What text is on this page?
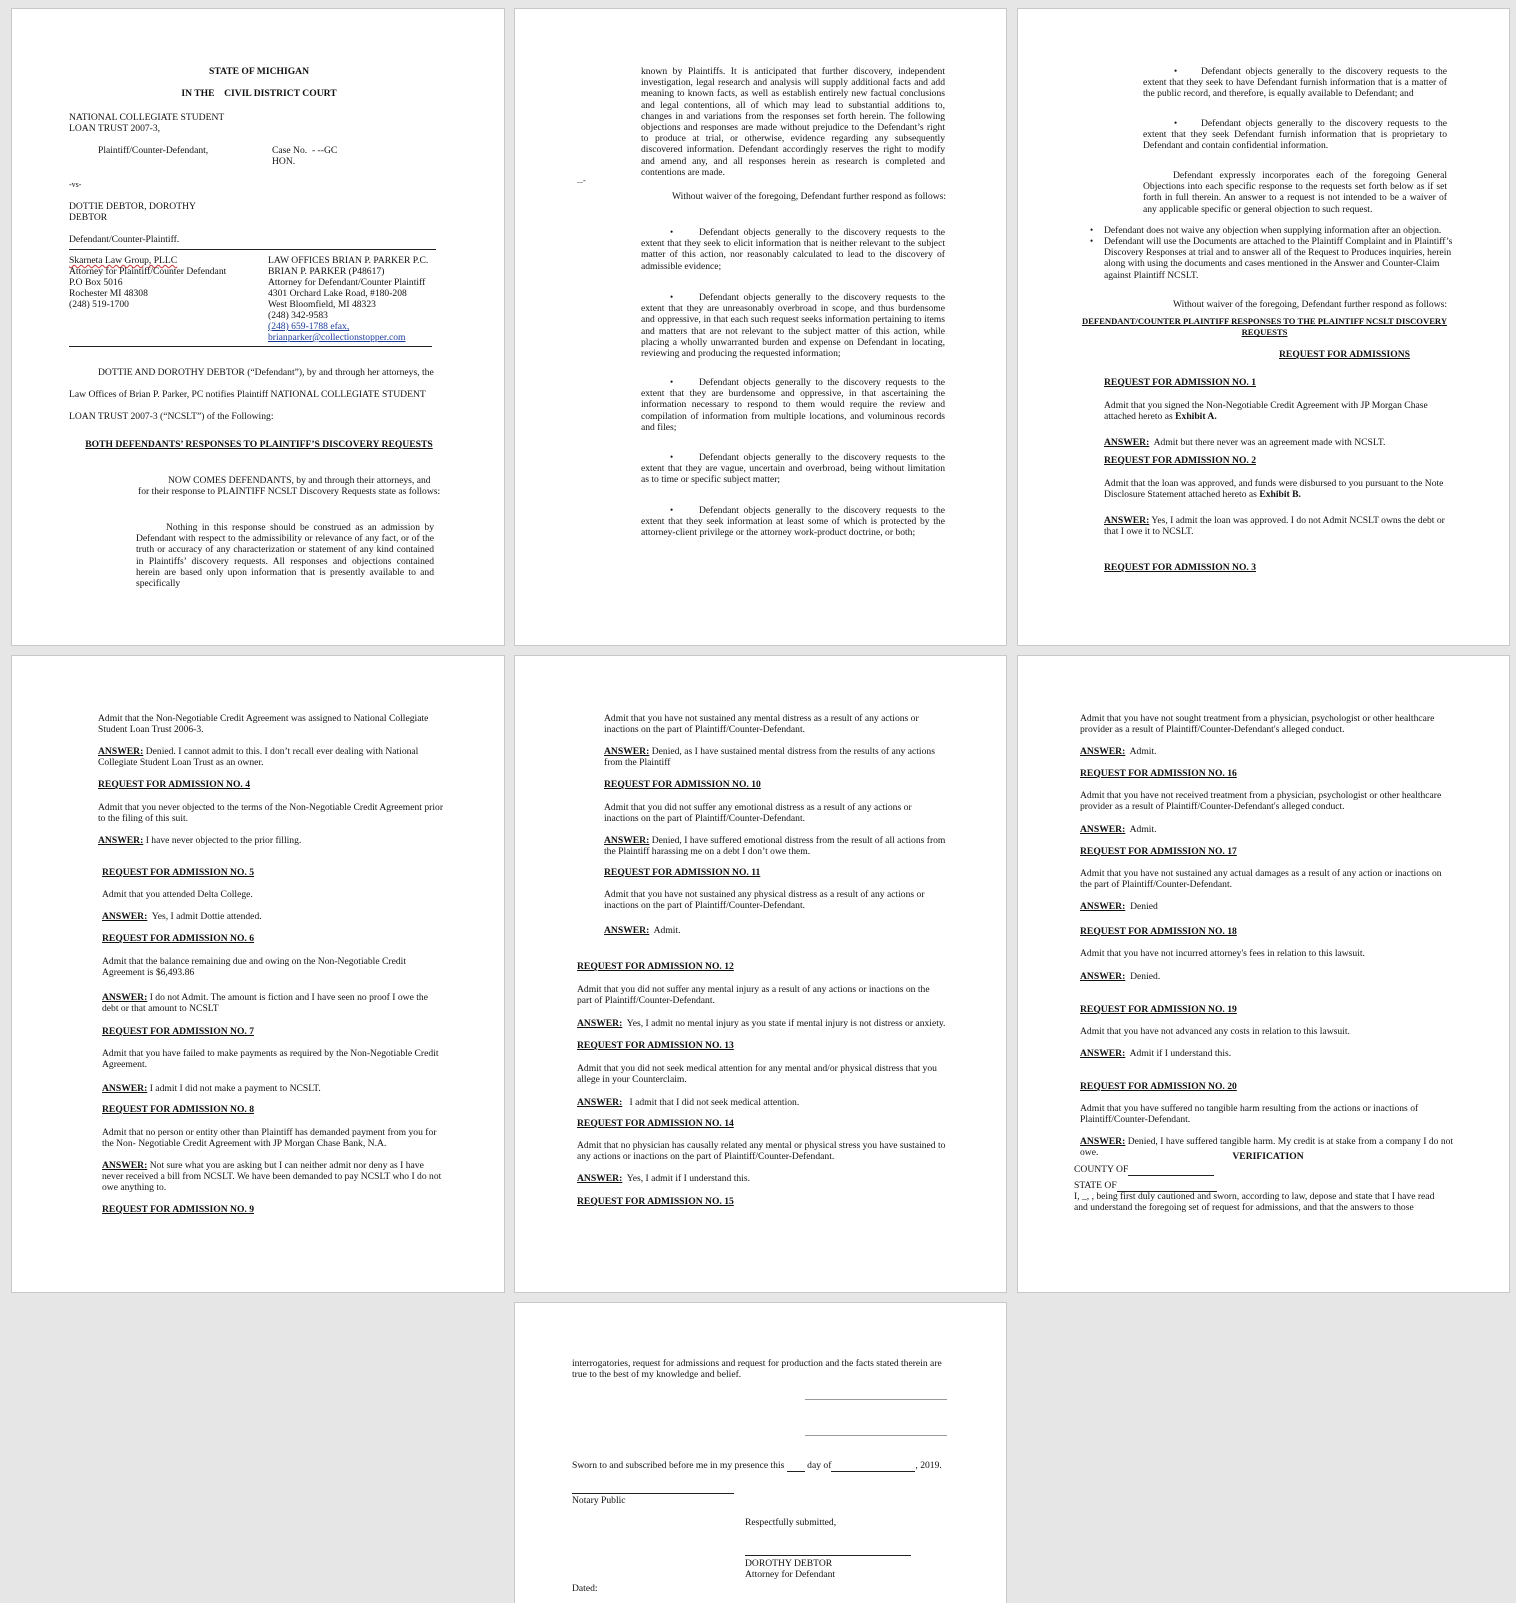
STATE OF MICHIGAN
IN THE    CIVIL DISTRICT COURT
NATIONAL COLLEGIATE STUDENT
LOAN TRUST 2007-3,
Plaintiff/Counter-Defendant,	Case No.  - --GC
HON.
-vs-
DOTTIE DEBTOR, DOROTHY
DEBTOR
Defendant/Counter-Plaintiff.
Skarneta Law Group, PLLC
Attorney for Plaintiff/Counter Defendant
P.O Box 5016
Rochester MI 48308
(248) 519-1700
LAW OFFICES BRIAN P. PARKER P.C.
BRIAN P. PARKER (P48617)
Attorney for Defendant/Counter Plaintiff
4301 Orchard Lake Road, #180-208
West Bloomfield, MI 48323
(248) 342-9583
(248) 659-1788 efax,
brianparker@collectionstopper.com
DOTTIE AND DOROTHY DEBTOR (“Defendant”), by and through her attorneys, the
Law Offices of Brian P. Parker, PC notifies Plaintiff NATIONAL COLLEGIATE STUDENT
LOAN TRUST 2007-3 (“NCSLT”) of the Following:
BOTH DEFENDANTS’ RESPONSES TO PLAINTIFF’S DISCOVERY REQUESTS
NOW COMES DEFENDANTS, by and through their attorneys, and
for their response to PLAINTIFF NCSLT Discovery Requests state as follows:
Nothing in this response should be construed as an admission by Defendant with respect to the admissibility or relevance of any fact, or of the truth or accuracy of any characterization or statement of any kind contained in Plaintiffs’ discovery requests. All responses and objections contained herein are based only upon information that is presently available to and specifically
known by Plaintiffs. It is anticipated that further discovery, independent investigation, legal research and analysis will supply additional facts and add meaning to known facts, as well as establish entirely new factual conclusions and legal contentions, all of which may lead to substantial additions to, changes in and variations from the responses set forth herein. The following objections and responses are made without prejudice to the Defendant’s right to produce at trial, or otherwise, evidence regarding any subsequently discovered information. Defendant accordingly reserves the right to modify and amend any, and all responses herein as research is completed and contentions are made.
...-
Without waiver of the foregoing, Defendant further respond as follows:
•	Defendant objects generally to the discovery requests to the extent that they seek to elicit information that is neither relevant to the subject matter of this action, nor reasonably calculated to lead to the discovery of admissible evidence;
•	Defendant objects generally to the discovery requests to the extent that they are unreasonably overbroad in scope, and thus burdensome and oppressive, in that each such request seeks information pertaining to items and matters that are not relevant to the subject matter of this action, while placing a wholly unwarranted burden and expense on Defendant in locating, reviewing and producing the requested information;
•	Defendant objects generally to the discovery requests to the extent that they are burdensome and oppressive, in that ascertaining the information necessary to respond to them would require the review and compilation of information from multiple locations, and voluminous records and files;
•	Defendant objects generally to the discovery requests to the extent that they are vague, uncertain and overbroad, being without limitation as to time or specific subject matter;
•	Defendant objects generally to the discovery requests to the extent that they seek information at least some of which is protected by the attorney-client privilege or the attorney work-product doctrine, or both;
•	Defendant objects generally to the discovery requests to the extent that they seek to have Defendant furnish information that is a matter of the public record, and therefore, is equally available to Defendant; and
•	Defendant objects generally to the discovery requests to the extent that they seek Defendant furnish information that is proprietary to Defendant and contain confidential information.
Defendant expressly incorporates each of the foregoing General Objections into each specific response to the requests set forth below as if set forth in full therein. An answer to a request is not intended to be a waiver of any applicable specific or general objection to such request.
• Defendant does not waive any objection when supplying information after an objection.
• Defendant will use the Documents are attached to the Plaintiff Complaint and in Plaintiff’s Discovery Responses at trial and to answer all of the Request to Produces inquiries, herein along with using the documents and cases mentioned in the Answer and Counter-Claim against Plaintiff NCSLT.
Without waiver of the foregoing, Defendant further respond as follows:
DEFENDANT/COUNTER PLAINTIFF RESPONSES TO THE PLAINTIFF NCSLT DISCOVERY
REQUESTS
REQUEST FOR ADMISSIONS
REQUEST FOR ADMISSION NO. 1
Admit that you signed the Non-Negotiable Credit Agreement with JP Morgan Chase attached hereto as Exhibit A.
ANSWER: Admit but there never was an agreement made with NCSLT.
REQUEST FOR ADMISSION NO. 2
Admit that the loan was approved, and funds were disbursed to you pursuant to the Note Disclosure Statement attached hereto as Exhibit B.
ANSWER: Yes, I admit the loan was approved. I do not Admit NCSLT owns the debt or that I owe it to NCSLT.
REQUEST FOR ADMISSION NO. 3
Admit that the Non-Negotiable Credit Agreement was assigned to National Collegiate Student Loan Trust 2006-3.
ANSWER: Denied. I cannot admit to this. I don’t recall ever dealing with National Collegiate Student Loan Trust as an owner.
REQUEST FOR ADMISSION NO. 4
Admit that you never objected to the terms of the Non-Negotiable Credit Agreement prior to the filing of this suit.
ANSWER: I have never objected to the prior filling.
REQUEST FOR ADMISSION NO. 5
Admit that you attended Delta College.
ANSWER: Yes, I admit Dottie attended.
REQUEST FOR ADMISSION NO. 6
Admit that the balance remaining due and owing on the Non-Negotiable Credit Agreement is $6,493.86
ANSWER: I do not Admit. The amount is fiction and I have seen no proof I owe the debt or that amount to NCSLT
REQUEST FOR ADMISSION NO. 7
Admit that you have failed to make payments as required by the Non-Negotiable Credit Agreement.
ANSWER: I admit I did not make a payment to NCSLT.
REQUEST FOR ADMISSION NO. 8
Admit that no person or entity other than Plaintiff has demanded payment from you for the Non- Negotiable Credit Agreement with JP Morgan Chase Bank, N.A.
ANSWER: Not sure what you are asking but I can neither admit nor deny as I have never received a bill from NCSLT. We have been demanded to pay NCSLT who I do not owe anything to.
REQUEST FOR ADMISSION NO. 9
Admit that you have not sustained any mental distress as a result of any actions or inactions on the part of Plaintiff/Counter-Defendant.
ANSWER: Denied, as I have sustained mental distress from the results of any actions from the Plaintiff
REQUEST FOR ADMISSION NO. 10
Admit that you did not suffer any emotional distress as a result of any actions or inactions on the part of Plaintiff/Counter-Defendant.
ANSWER: Denied, I have suffered emotional distress from the result of all actions from the Plaintiff harassing me on a debt I don’t owe them.
REQUEST FOR ADMISSION NO. 11
Admit that you have not sustained any physical distress as a result of any actions or inactions on the part of Plaintiff/Counter-Defendant.
ANSWER: Admit.
REQUEST FOR ADMISSION NO. 12
Admit that you did not suffer any mental injury as a result of any actions or inactions on the part of Plaintiff/Counter-Defendant.
ANSWER: Yes, I admit no mental injury as you state if mental injury is not distress or anxiety.
REQUEST FOR ADMISSION NO. 13
Admit that you did not seek medical attention for any mental and/or physical distress that you allege in your Counterclaim.
ANSWER: I admit that I did not seek medical attention.
REQUEST FOR ADMISSION NO. 14
Admit that no physician has causally related any mental or physical stress you have sustained to any actions or inactions on the part of Plaintiff/Counter-Defendant.
ANSWER: Yes, I admit if I understand this.
REQUEST FOR ADMISSION NO. 15
Admit that you have not sought treatment from a physician, psychologist or other healthcare provider as a result of Plaintiff/Counter-Defendant's alleged conduct.
ANSWER: Admit.
REQUEST FOR ADMISSION NO. 16
Admit that you have not received treatment from a physician, psychologist or other healthcare provider as a result of Plaintiff/Counter-Defendant's alleged conduct.
ANSWER: Admit.
REQUEST FOR ADMISSION NO. 17
Admit that you have not sustained any actual damages as a result of any action or inactions on the part of Plaintiff/Counter-Defendant.
ANSWER: Denied
REQUEST FOR ADMISSION NO. 18
Admit that you have not incurred attorney's fees in relation to this lawsuit.
ANSWER: Denied.
REQUEST FOR ADMISSION NO. 19
Admit that you have not advanced any costs in relation to this lawsuit.
ANSWER: Admit if I understand this.
REQUEST FOR ADMISSION NO. 20
Admit that you have suffered no tangible harm resulting from the actions or inactions of Plaintiff/Counter-Defendant.
ANSWER: Denied, I have suffered tangible harm. My credit is at stake from a company I do not owe.	VERIFICATION
COUNTY OF
STATE OF
I, _, , being first duly cautioned and sworn, according to law, depose and state that I have read and understand the foregoing set of request for admissions, and that the answers to those
interrogatories, request for admissions and request for production and the facts stated therein are true to the best of my knowledge and belief.
Sworn to and subscribed before me in my presence this day of	, 2019.
Notary Public
Respectfully submitted,
DOROTHY DEBTOR
Attorney for Defendant
Dated:
